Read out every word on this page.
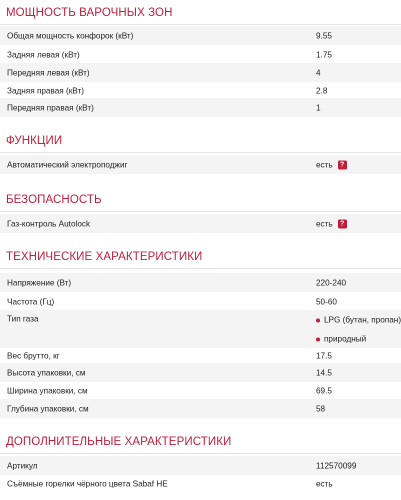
МОЩНОСТЬ ВАРОЧНЫХ ЗОН
Общая мощность конфорок (кВт)	9.55
Задняя левая (кВт)	1.75
Передняя левая (кВт)	4
Задняя правая (кВт)	2.8
Передняя правая (кВт)	1
ФУНКЦИИ
Автоматический электроподжиг	есть	?
БЕЗОПАСНОСТЬ
Газ-контроль Autolock	есть	?
ТЕХНИЧЕСКИЕ ХАРАКТЕРИСТИКИ
Напряжение (Вт)	220-240
Частота (Гц)	50-60
Тип газа	LPG (бутан, пропан)
природный
Вес брутто, кг	17.5
Высота упаковки, см	14.5
Ширина упаковки, см	69.5
Глубина упаковки, см	58
ДОПОЛНИТЕЛЬНЫЕ ХАРАКТЕРИСТИКИ
Артикул	112570099
Съёмные горелки чёрного цвета Sabaf HE	есть
